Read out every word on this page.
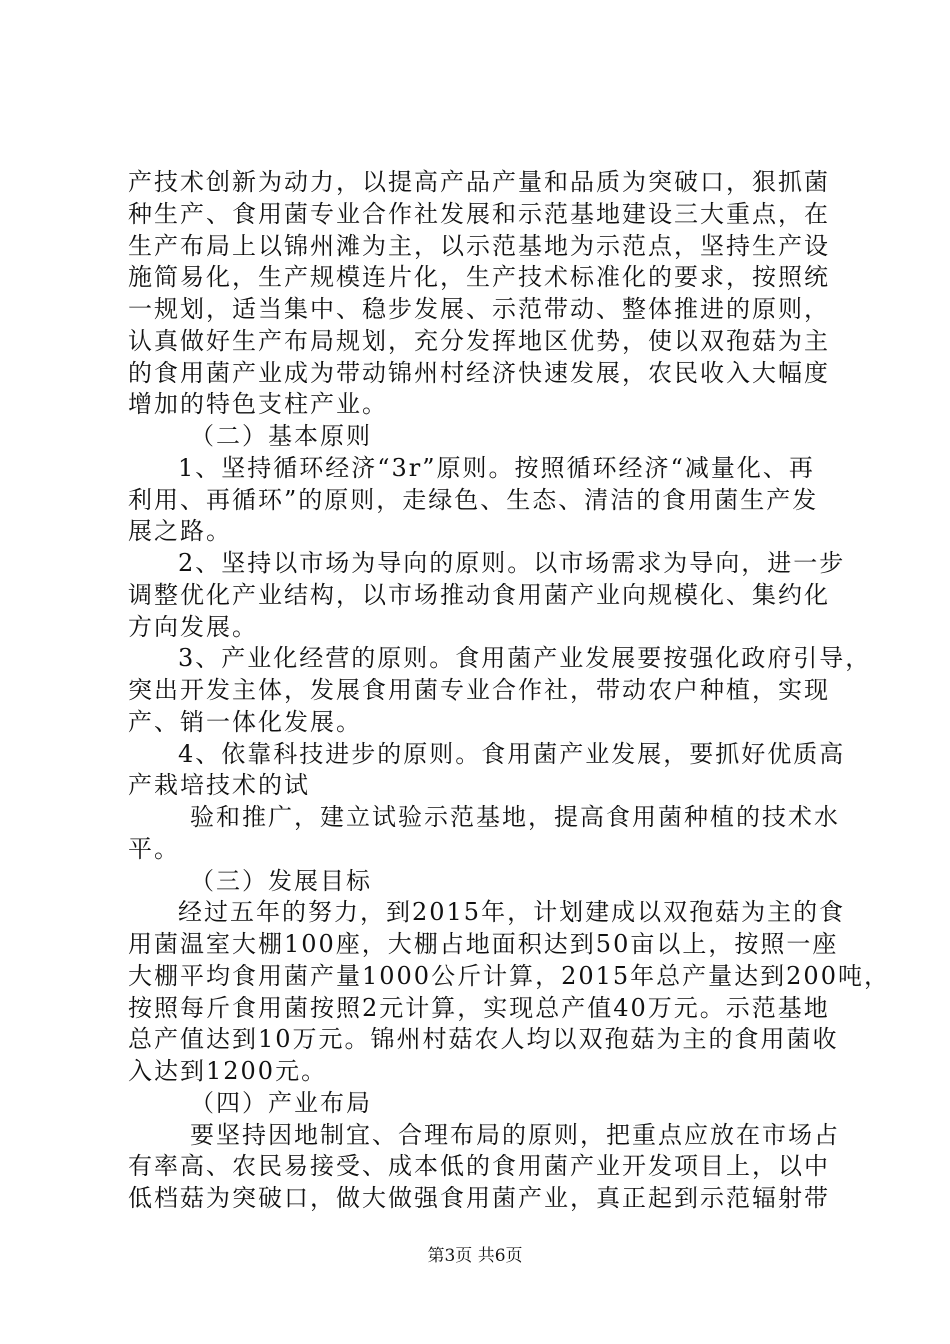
产技术创新为动力，以提高产品产量和品质为突破口，狠抓菌
种生产、食用菌专业合作社发展和示范基地建设三大重点，在
生产布局上以锦州滩为主，以示范基地为示范点，坚持生产设
施简易化，生产规模连片化，生产技术标准化的要求，按照统
一规划，适当集中、稳步发展、示范带动、整体推进的原则，
认真做好生产布局规划，充分发挥地区优势，使以双孢菇为主
的食用菌产业成为带动锦州村经济快速发展，农民收入大幅度
增加的特色支柱产业。
（二）基本原则
1、坚持循环经济“3r”原则。按照循环经济“减量化、再
利用、再循环”的原则，走绿色、生态、清洁的食用菌生产发
展之路。
2、坚持以市场为导向的原则。以市场需求为导向，进一步
调整优化产业结构，以市场推动食用菌产业向规模化、集约化
方向发展。
3、产业化经营的原则。食用菌产业发展要按强化政府引导，
突出开发主体，发展食用菌专业合作社，带动农户种植，实现
产、销一体化发展。
4、依靠科技进步的原则。食用菌产业发展，要抓好优质高
产栽培技术的试
验和推广，建立试验示范基地，提高食用菌种植的技术水
平。
（三）发展目标
经过五年的努力，到2015年，计划建成以双孢菇为主的食
用菌温室大棚100座，大棚占地面积达到50亩以上，按照一座
大棚平均食用菌产量1000公斤计算，2015年总产量达到200吨，
按照每斤食用菌按照2元计算，实现总产值40万元。示范基地
总产值达到10万元。锦州村菇农人均以双孢菇为主的食用菌收
入达到1200元。
（四）产业布局
要坚持因地制宜、合理布局的原则，把重点应放在市场占
有率高、农民易接受、成本低的食用菌产业开发项目上，以中
低档菇为突破口，做大做强食用菌产业，真正起到示范辐射带
第3页 共6页
